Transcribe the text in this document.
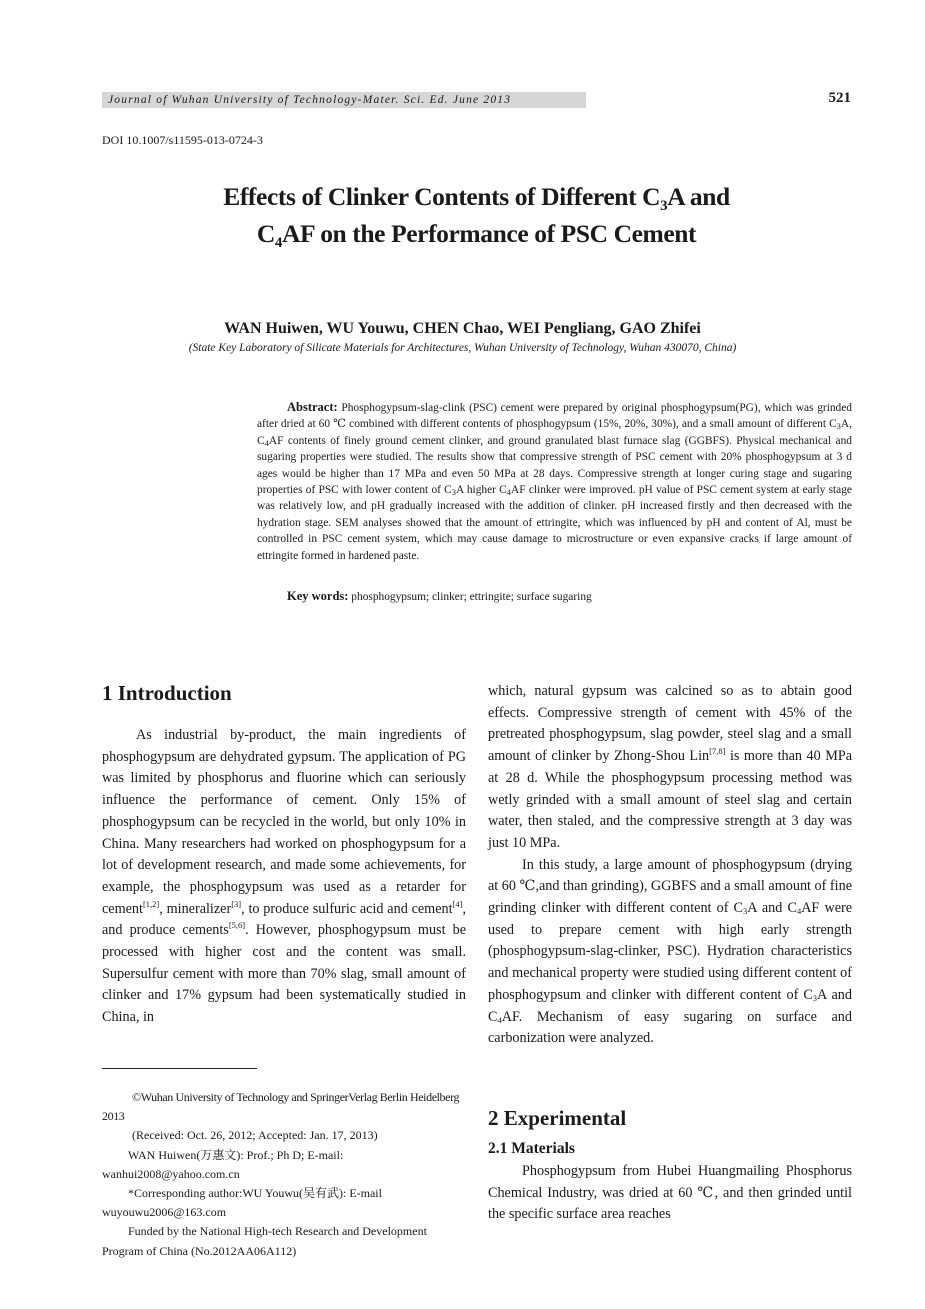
Journal of Wuhan University of Technology-Mater. Sci. Ed. June 2013	521
DOI 10.1007/s11595-013-0724-3
Effects of Clinker Contents of Different $C_3A$ and
$C_4AF$ on the Performance of PSC Cement
WAN Huiwen, WU Youwu, CHEN Chao, WEI Pengliang, GAO Zhifei
(State Key Laboratory of Silicate Materials for Architectures, Wuhan University of Technology, Wuhan 430070, China)
Abstract: Phosphogypsum-slag-clink (PSC) cement were prepared by original phosphogypsum(PG), which was grinded after dried at 60 ℃ combined with different contents of phosphogypsum (15%, 20%, 30%), and a small amount of different $C_3A$, $C_4AF$ contents of finely ground cement clinker, and ground granulated blast furnace slag (GGBFS). Physical mechanical and sugaring properties were studied. The results show that compressive strength of PSC cement with 20% phosphogypsum at 3 d ages would be higher than 17 MPa and even 50 MPa at 28 days. Compressive strength at longer curing stage and sugaring properties of PSC with lower content of $C_3A$ higher $C_4AF$ clinker were improved. pH value of PSC cement system at early stage was relatively low, and pH gradually increased with the addition of clinker. pH increased firstly and then decreased with the hydration stage. SEM analyses showed that the amount of ettringite, which was influenced by pH and content of Al, must be controlled in PSC cement system, which may cause damage to microstructure or even expansive cracks if large amount of ettringite formed in hardened paste.
Key words: phosphogypsum; clinker; ettringite; surface sugaring
1 Introduction

As industrial by-product, the main ingredients of phosphogypsum are dehydrated gypsum. The application of PG was limited by phosphorus and fluorine which can seriously influence the performance of cement. Only 15% of phosphogypsum can be recycled in the world, but only 10% in China. Many researchers had worked on phosphogypsum for a lot of development research, and made some achievements, for example, the phosphogypsum was used as a retarder for cement[1,2], mineralizer[3], to produce sulfuric acid and cement[4], and produce cements[5,6]. However, phosphogypsum must be processed with higher cost and the content was small. Supersulfur cement with more than 70% slag, small amount of clinker and 17% gypsum had been systematically studied in China, in

©Wuhan University of Technology and SpringerVerlag Berlin Heidelberg 2013

(Received: Oct. 26, 2012; Accepted: Jan. 17, 2013)

WAN Huiwen(万惠文): Prof.; Ph D; E-mail: wanhui2008@yahoo.com.cn

*Corresponding author:WU Youwu(吴有武): E-mail wuyouwu2006@163.com

Funded by the National High-tech Research and Development Program of China (No.2012AA06A112)

which, natural gypsum was calcined so as to abtain good effects. Compressive strength of cement with 45% of the pretreated phosphogypsum, slag powder, steel slag and a small amount of clinker by Zhong-Shou Lin[7,8] is more than 40 MPa at 28 d. While the phosphogypsum processing method was wetly grinded with a small amount of steel slag and certain water, then staled, and the compressive strength at 3 day was just 10 MPa.

In this study, a large amount of phosphogypsum (drying at 60 ℃,and than grinding), GGBFS and a small amount of fine grinding clinker with different content of $C_3A$ and $C_4AF$ were used to prepare cement with high early strength (phosphogypsum-slag-clinker, PSC). Hydration characteristics and mechanical property were studied using different content of phosphogypsum and clinker with different content of $C_3A$ and $C_4AF$. Mechanism of easy sugaring on surface and carbonization were analyzed.

2 Experimental
2.1 Materials

Phosphogypsum from Hubei Huangmailing Phosphorus Chemical Industry, was dried at 60 ℃, and then grinded until the specific surface area reaches
